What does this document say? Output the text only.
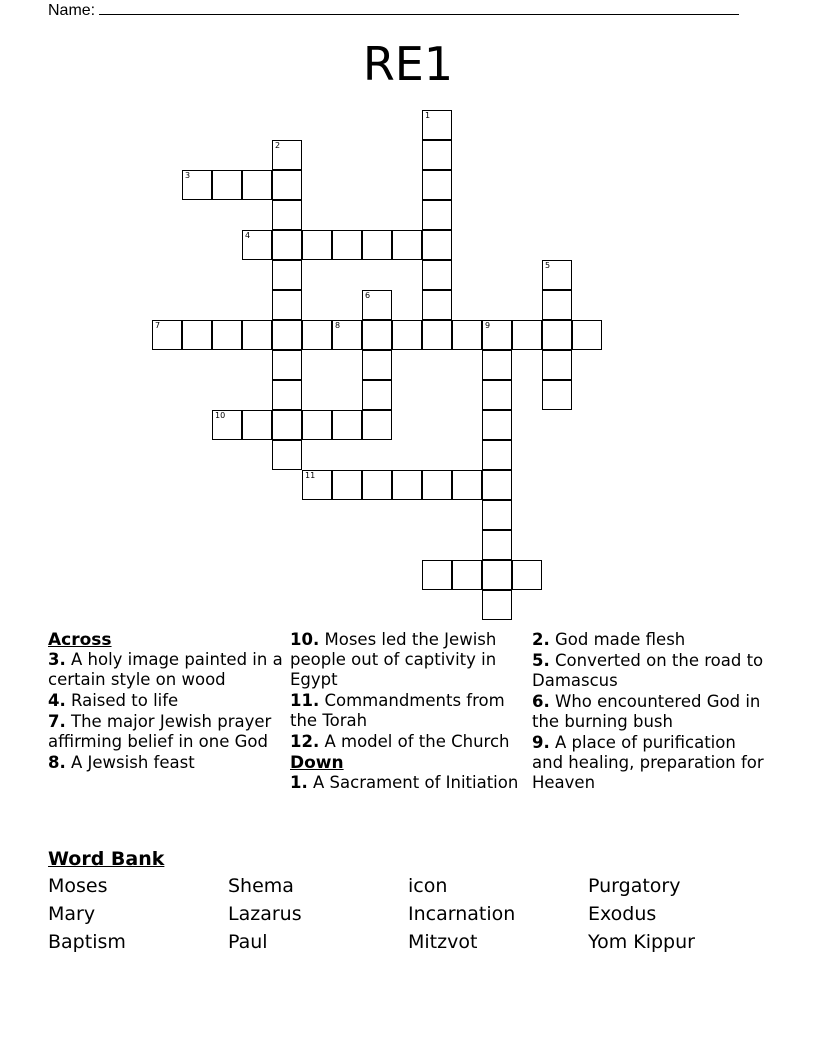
Name:
RE1
1
2
3
4
5
6
7	8	9
10
11
Across
3. A holy image painted in a certain style on wood
4. Raised to life
7. The major Jewish prayer affirming belief in one God
8. A Jewsish feast
10. Moses led the Jewish people out of captivity in Egypt
11. Commandments from the Torah
12. A model of the Church
Down
1. A Sacrament of Initiation
2. God made flesh
5. Converted on the road to Damascus
6. Who encountered God in the burning bush
9. A place of purification and healing, preparation for Heaven
Word Bank
Moses
Mary
Baptism
Shema
Lazarus
Paul
icon
Incarnation
Mitzvot
Purgatory
Exodus
Yom Kippur
